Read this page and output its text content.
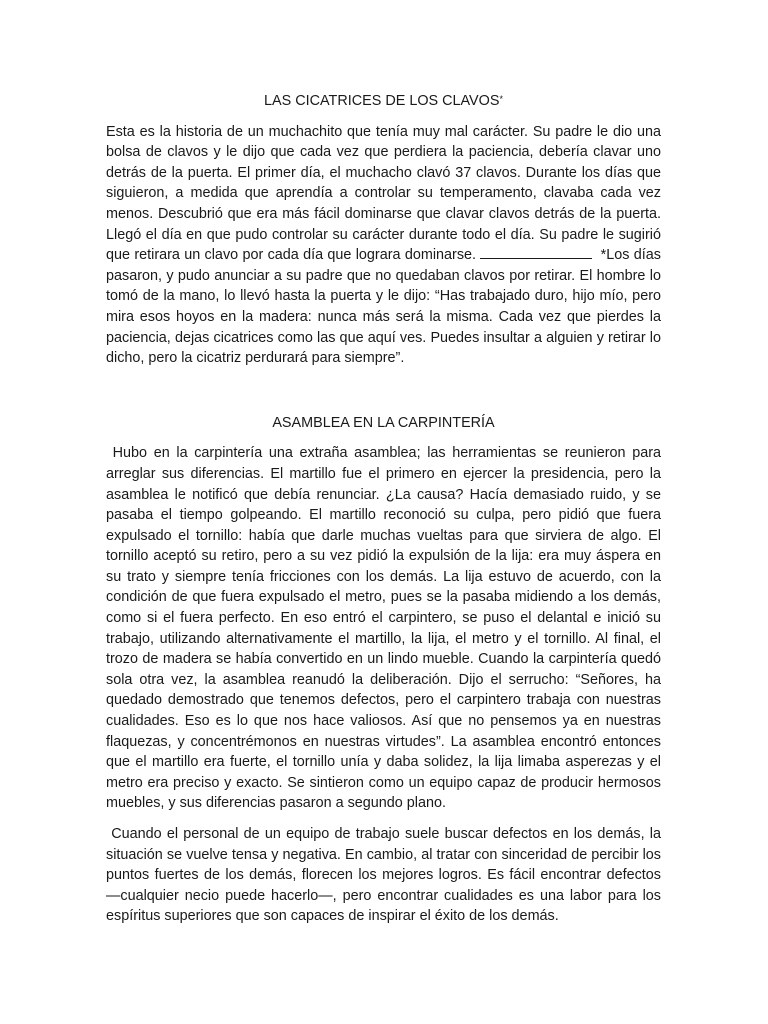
LAS CICATRICES DE LOS CLAVOS*

Esta es la historia de un muchachito que tenía muy mal carácter. Su padre le dio una bolsa de clavos y le dijo que cada vez que perdiera la paciencia, debería clavar uno detrás de la puerta. El primer día, el muchacho clavó 37 clavos. Durante los días que siguieron, a medida que aprendía a controlar su temperamento, clavaba cada vez menos. Descubrió que era más fácil dominarse que clavar clavos detrás de la puerta. Llegó el día en que pudo controlar su carácter durante todo el día. Su padre le sugirió que retirara un clavo por cada día que lograra dominarse.	*Los días pasaron, y pudo anunciar a su padre que no quedaban clavos por retirar. El hombre lo tomó de la mano, lo llevó hasta la puerta y le dijo: “Has trabajado duro, hijo mío, pero mira esos hoyos en la madera: nunca más será la misma. Cada vez que pierdes la paciencia, dejas cicatrices como las que aquí ves. Puedes insultar a alguien y retirar lo dicho, pero la cicatriz perdurará para siempre”.

ASAMBLEA EN LA CARPINTERÍA

Hubo en la carpintería una extraña asamblea; las herramientas se reunieron para arreglar sus diferencias. El martillo fue el primero en ejercer la presidencia, pero la asamblea le notificó que debía renunciar. ¿La causa? Hacía demasiado ruido, y se pasaba el tiempo golpeando. El martillo reconoció su culpa, pero pidió que fuera expulsado el tornillo: había que darle muchas vueltas para que sirviera de algo. El tornillo aceptó su retiro, pero a su vez pidió la expulsión de la lija: era muy áspera en su trato y siempre tenía fricciones con los demás. La lija estuvo de acuerdo, con la condición de que fuera expulsado el metro, pues se la pasaba midiendo a los demás, como si el fuera perfecto. En eso entró el carpintero, se puso el delantal e inició su trabajo, utilizando alternativamente el martillo, la lija, el metro y el tornillo. Al final, el trozo de madera se había convertido en un lindo mueble. Cuando la carpintería quedó sola otra vez, la asamblea reanudó la deliberación. Dijo el serrucho: “Señores, ha quedado demostrado que tenemos defectos, pero el carpintero trabaja con nuestras cualidades. Eso es lo que nos hace valiosos. Así que no pensemos ya en nuestras flaquezas, y concentrémonos en nuestras virtudes”. La asamblea encontró entonces que el martillo era fuerte, el tornillo unía y daba solidez, la lija limaba asperezas y el metro era preciso y exacto. Se sintieron como un equipo capaz de producir hermosos muebles, y sus diferencias pasaron a segundo plano.

Cuando el personal de un equipo de trabajo suele buscar defectos en los demás, la situación se vuelve tensa y negativa. En cambio, al tratar con sinceridad de percibir los puntos fuertes de los demás, florecen los mejores logros. Es fácil encontrar defectos —cualquier necio puede hacerlo—, pero encontrar cualidades es una labor para los espíritus superiores que son capaces de inspirar el éxito de los demás.
